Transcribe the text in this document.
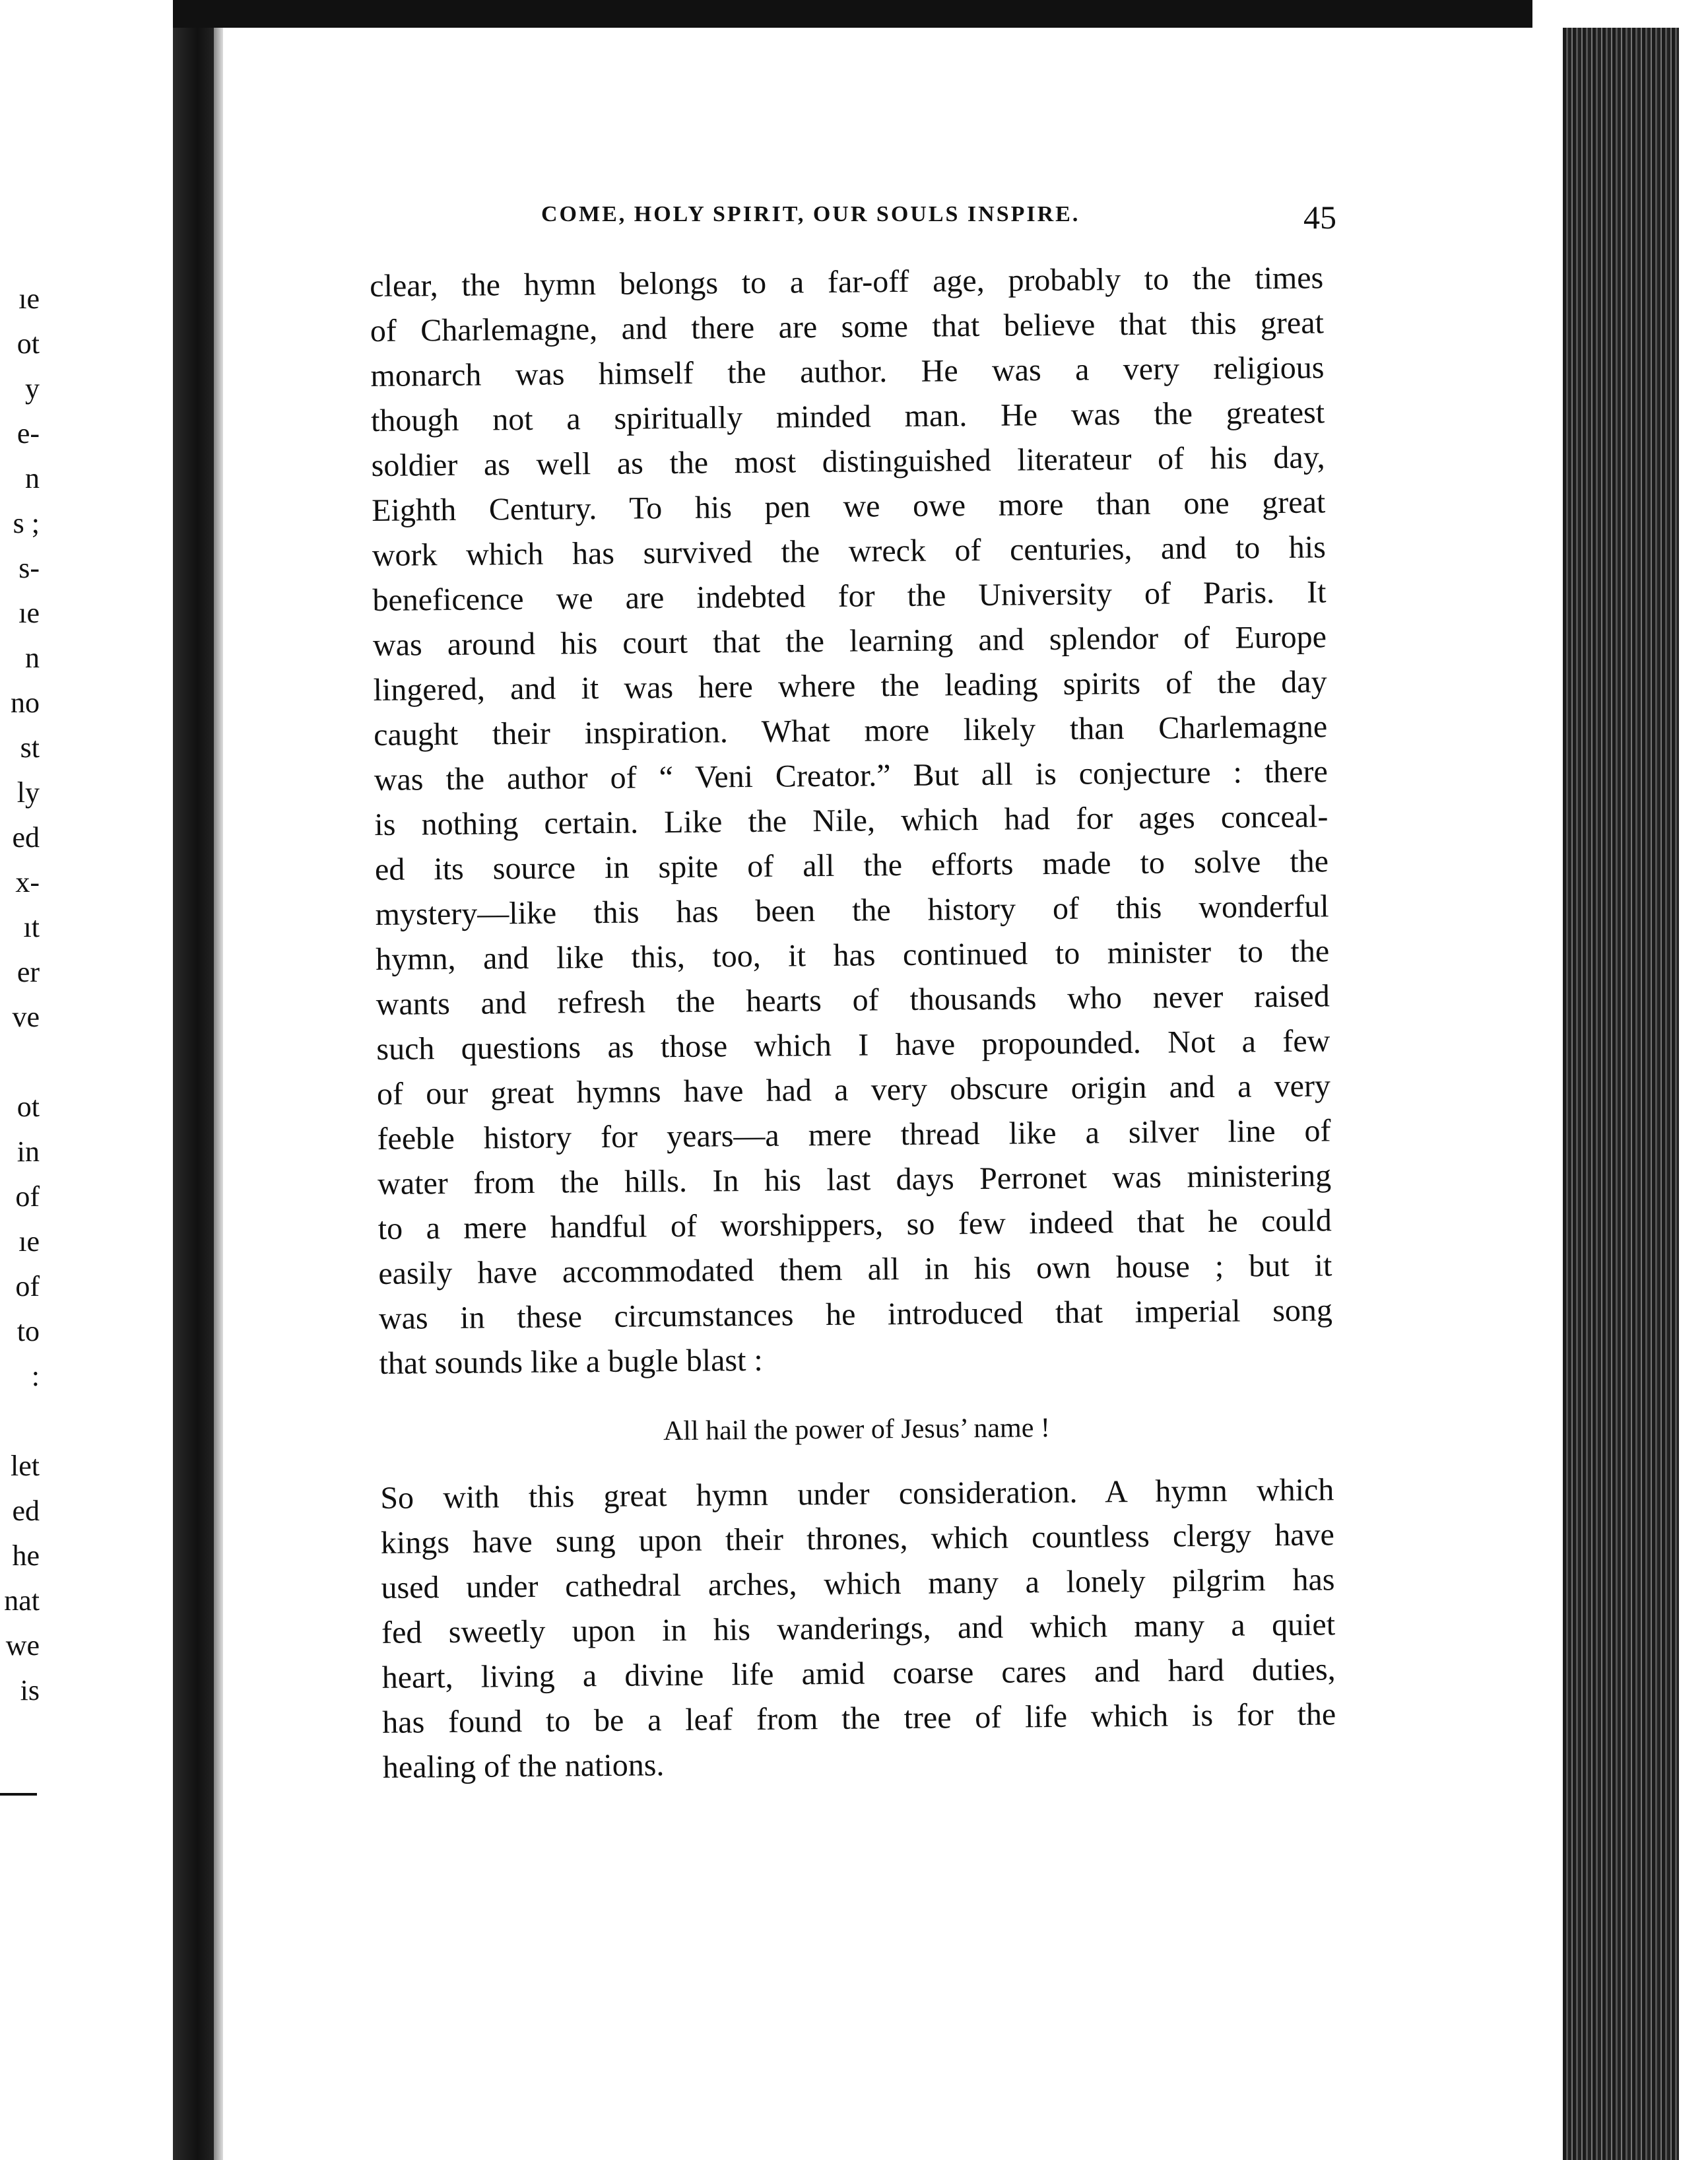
ıe
ot
y
e-
n
s ;
s-
ıe
n
no
st
ly
ed
x-
ıt
er
ve
ot
in
of
ıe
of
to
:
let
ed
he
nat
we
is
COME, HOLY SPIRIT, OUR SOULS INSPIRE.	45
clear, the hymn belongs to a far-off age, probably to the times
of Charlemagne, and there are some that believe that this great
monarch was himself the author. He was a very religious
though not a spiritually minded man. He was the greatest
soldier as well as the most distinguished literateur of his day,
Eighth Century. To his pen we owe more than one great
work which has survived the wreck of centuries, and to his
beneficence we are indebted for the University of Paris. It
was around his court that the learning and splendor of Europe
lingered, and it was here where the leading spirits of the day
caught their inspiration. What more likely than Charlemagne
was the author of “ Veni Creator.” But all is conjecture : there
is nothing certain. Like the Nile, which had for ages conceal-
ed its source in spite of all the efforts made to solve the
mystery—like this has been the history of this wonderful
hymn, and like this, too, it has continued to minister to the
wants and refresh the hearts of thousands who never raised
such questions as those which I have propounded. Not a few
of our great hymns have had a very obscure origin and a very
feeble history for years—a mere thread like a silver line of
water from the hills. In his last days Perronet was ministering
to a mere handful of worshippers, so few indeed that he could
easily have accommodated them all in his own house ; but it
was in these circumstances he introduced that imperial song
that sounds like a bugle blast :
All hail the power of Jesus’ name !
So with this great hymn under consideration. A hymn which
kings have sung upon their thrones, which countless clergy have
used under cathedral arches, which many a lonely pilgrim has
fed sweetly upon in his wanderings, and which many a quiet
heart, living a divine life amid coarse cares and hard duties,
has found to be a leaf from the tree of life which is for the
healing of the nations.
